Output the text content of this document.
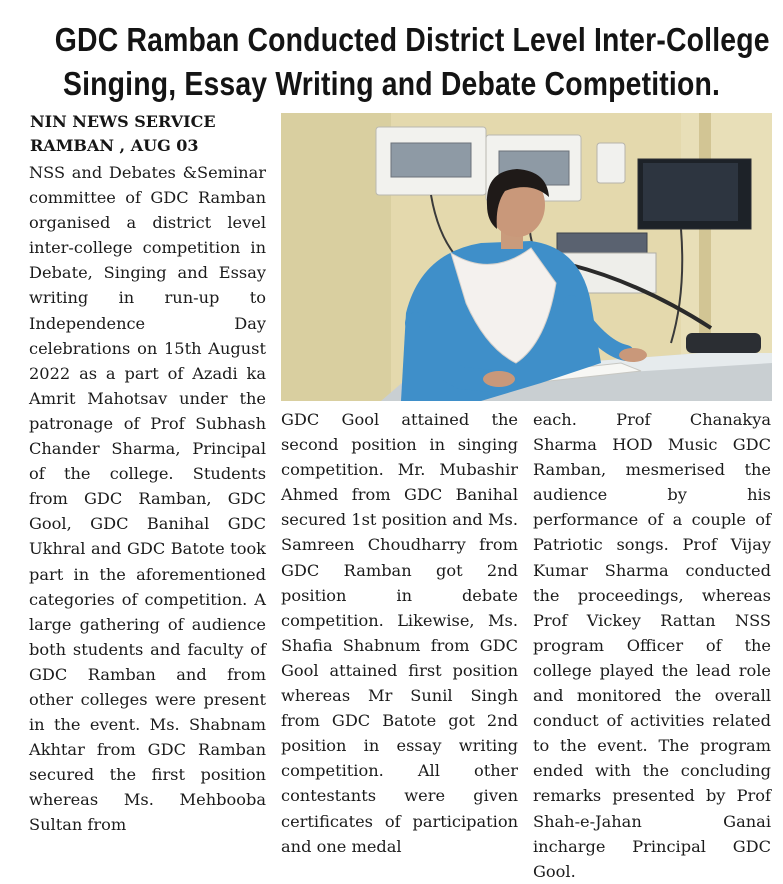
GDC Ramban Conducted District Level Inter-College
Singing, Essay Writing and Debate Competition.
NIN NEWS SERVICE
RAMBAN , AUG 03
NSS and Debates &Seminar committee of GDC Ramban organised a district level inter-college competition in Debate, Singing and Essay writing in run-up to Independence Day celebrations on 15th August 2022 as a part of Azadi ka Amrit Mahotsav under the patronage of Prof Subhash Chander Sharma, Principal of the college. Students from GDC Ramban, GDC Gool, GDC Banihal GDC Ukhral and GDC Batote took part in the aforementioned categories of competition. A large gathering of audience both students and faculty of GDC Ramban and from other colleges were present in the event. Ms. Shabnam Akhtar from GDC Ramban secured the first position whereas Ms. Mehbooba Sultan from
GDC Gool attained the second position in singing competition. Mr. Mubashir Ahmed from GDC Banihal secured 1st position and Ms. Samreen Choudharry from GDC Ramban got 2nd position in debate competition. Likewise, Ms. Shafia Shabnum from GDC Gool attained first position whereas Mr Sunil Singh from GDC Batote got 2nd position in essay writing competition. All other contestants were given certificates of participation and one medal
each. Prof Chanakya Sharma HOD Music GDC Ramban, mesmerised the audience by his performance of a couple of Patriotic songs. Prof Vijay Kumar Sharma conducted the proceedings, whereas Prof Vickey Rattan NSS program Officer of the college played the lead role and monitored the overall conduct of activities related to the event. The program ended with the concluding remarks presented by Prof Shah-e-Jahan Ganai incharge Principal GDC Gool.
